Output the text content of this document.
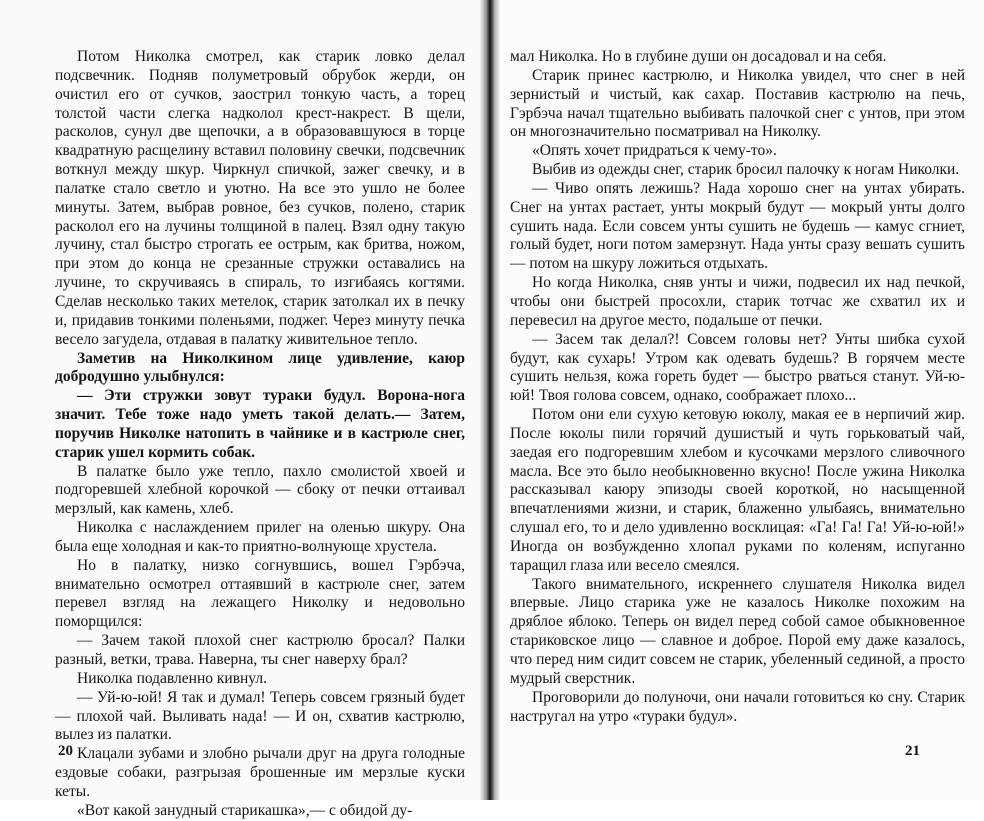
Потом Николка смотрел, как старик ловко делал подсвечник. Подняв полуметровый обрубок жерди, он очистил его от сучков, заострил тонкую часть, а торец толстой части слегка надколол крест-накрест. В щели, расколов, сунул две щепочки, а в образовавшуюся в торце квадратную расщелину вставил половину свечки, подсвечник воткнул между шкур. Чиркнул спичкой, зажег свечку, и в палатке стало светло и уютно. На все это ушло не более минуты. Затем, выбрав ровное, без сучков, полено, старик расколол его на лучины толщиной в палец. Взял одну такую лучину, стал быстро строгать ее острым, как бритва, ножом, при этом до конца не срезанные стружки оставались на лучине, то скручиваясь в спираль, то изгибаясь когтями. Сделав несколько таких метелок, старик затолкал их в печку и, придавив тонкими поленьями, поджег. Через минуту печка весело загудела, отдавая в палатку живительное тепло.

Заметив на Николкином лице удивление, каюр добродушно улыбнулся:

— Эти стружки зовут тураки будул. Ворона-нога значит. Тебе тоже надо уметь такой делать.— Затем, поручив Николке натопить в чайнике и в кастрюле снег, старик ушел кормить собак.

В палатке было уже тепло, пахло смолистой хвоей и подгоревшей хлебной корочкой — сбоку от печки оттаивал мерзлый, как камень, хлеб.

Николка с наслаждением прилег на оленью шкуру. Она была еще холодная и как-то приятно-волнующе хрустела.

Но в палатку, низко согнувшись, вошел Гэрбэча, внимательно осмотрел оттаявший в кастрюле снег, затем перевел взгляд на лежащего Николку и недовольно поморщился:

— Зачем такой плохой снег кастрюлю бросал? Палки разный, ветки, трава. Наверна, ты снег наверху брал?

Николка подавленно кивнул.

— Уй-ю-юй! Я так и думал! Теперь совсем грязный будет — плохой чай. Выливать нада! — И он, схватив кастрюлю, вылез из палатки.

Клацали зубами и злобно рычали друг на друга голодные ездовые собаки, разгрызая брошенные им мерзлые куски кеты.

«Вот какой занудный старикашка»,— с обидой ду-

20

мал Николка. Но в глубине души он досадовал и на себя.

Старик принес кастрюлю, и Николка увидел, что снег в ней зернистый и чистый, как сахар. Поставив кастрюлю на печь, Гэрбэча начал тщательно выбивать палочкой снег с унтов, при этом он многозначительно посматривал на Николку.

«Опять хочет придраться к чему-то».

Выбив из одежды снег, старик бросил палочку к ногам Николки.

— Чиво опять лежишь? Нада хорошо снег на унтах убирать. Снег на унтах растает, унты мокрый будут — мокрый унты долго сушить нада. Если совсем унты сушить не будешь — камус сгниет, голый будет, ноги потом замерзнут. Нада унты сразу вешать сушить — потом на шкуру ложиться отдыхать.

Но когда Николка, сняв унты и чижи, подвесил их над печкой, чтобы они быстрей просохли, старик тотчас же схватил их и перевесил на другое место, подальше от печки.

— Засем так делал?! Совсем головы нет? Унты шибка сухой будут, как сухарь! Утром как одевать будешь? В горячем месте сушить нельзя, кожа гореть будет — быстро рваться станут. Уй-ю-юй! Твоя голова совсем, однако, соображает плохо...

Потом они ели сухую кетовую юколу, макая ее в нерпичий жир. После юколы пили горячий душистый и чуть горьковатый чай, заедая его подгоревшим хлебом и кусочками мерзлого сливочного масла. Все это было необыкновенно вкусно! После ужина Николка рассказывал каюру эпизоды своей короткой, но насыщенной впечатлениями жизни, и старик, блаженно улыбаясь, внимательно слушал его, то и дело удивленно восклицая: «Га! Га! Га! Уй-ю-юй!» Иногда он возбужденно хлопал руками по коленям, испуганно таращил глаза или весело смеялся.

Такого внимательного, искреннего слушателя Николка видел впервые. Лицо старика уже не казалось Николке похожим на дряблое яблоко. Теперь он видел перед собой самое обыкновенное стариковское лицо — славное и доброе. Порой ему даже казалось, что перед ним сидит совсем не старик, убеленный сединой, а просто мудрый сверстник.

Проговорили до полуночи, они начали готовиться ко сну. Старик настругал на утро «тураки будул».

21
